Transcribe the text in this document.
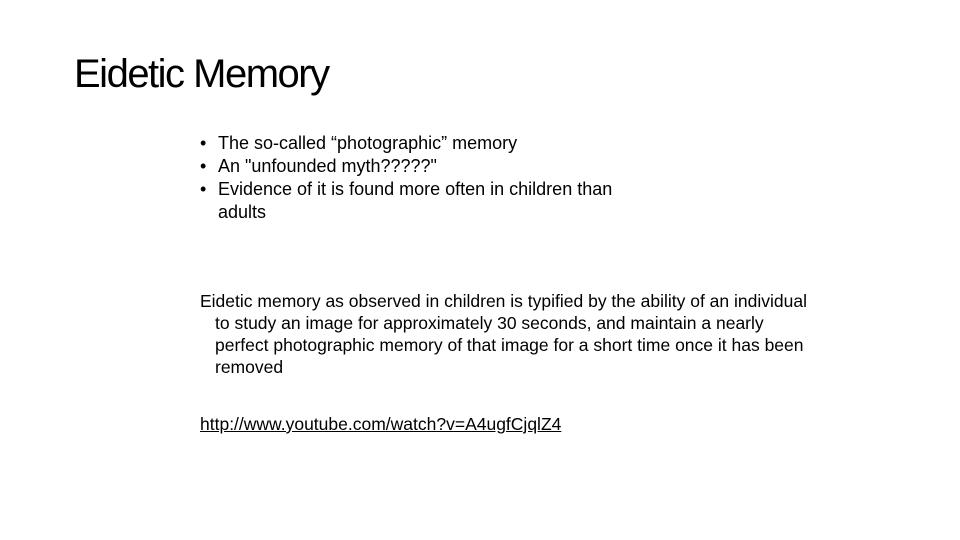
Eidetic Memory
• The so-called “photographic” memory
• An "unfounded myth?????"
• Evidence of it is found more often in children than adults

Eidetic memory as observed in children is typified by the ability of an individual to study an image for approximately 30 seconds, and maintain a nearly perfect photographic memory of that image for a short time once it has been removed

http://www.youtube.com/watch?v=A4ugfCjqlZ4
